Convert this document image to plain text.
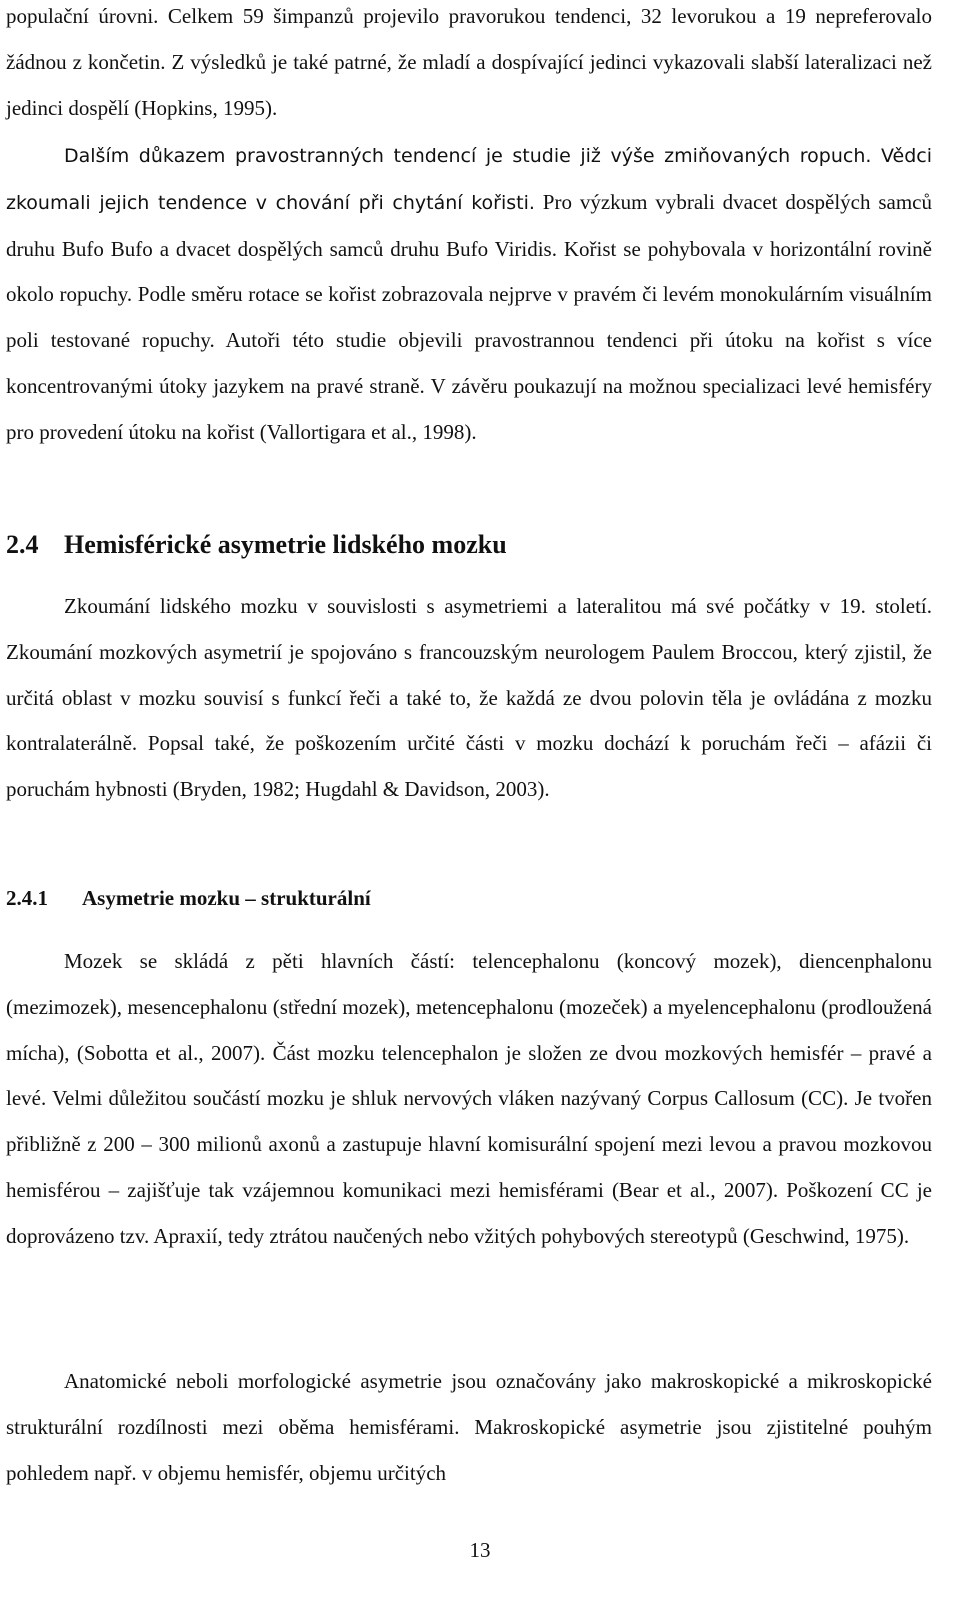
populační úrovni. Celkem 59 šimpanzů projevilo pravorukou tendenci, 32 levorukou a 19 nepreferovalo žádnou z končetin. Z výsledků je také patrné, že mladí a dospívající jedinci vykazovali slabší lateralizaci než jedinci dospělí (Hopkins, 1995).

Dalším důkazem pravostranných tendencí je studie již výše zmiňovaných ropuch. Vědci zkoumali jejich tendence v chování při chytání kořisti. Pro výzkum vybrali dvacet dospělých samců druhu Bufo Bufo a dvacet dospělých samců druhu Bufo Viridis. Kořist se pohybovala v horizontální rovině okolo ropuchy. Podle směru rotace se kořist zobrazovala nejprve v pravém či levém monokulárním visuálním poli testované ropuchy. Autoři této studie objevili pravostrannou tendenci při útoku na kořist s více koncentrovanými útoky jazykem na pravé straně. V závěru poukazují na možnou specializaci levé hemisféry pro provedení útoku na kořist (Vallortigara et al., 1998).

2.4 Hemisférické asymetrie lidského mozku

Zkoumání lidského mozku v souvislosti s asymetriemi a lateralitou má své počátky v 19. století. Zkoumání mozkových asymetrií je spojováno s francouzským neurologem Paulem Broccou, který zjistil, že určitá oblast v mozku souvisí s funkcí řeči a také to, že každá ze dvou polovin těla je ovládána z mozku kontralaterálně. Popsal také, že poškozením určité části v mozku dochází k poruchám řeči – afázii či poruchám hybnosti (Bryden, 1982; Hugdahl & Davidson, 2003).

2.4.1	Asymetrie mozku – strukturální

Mozek se skládá z pěti hlavních částí: telencephalonu (koncový mozek), diencenphalonu (mezimozek), mesencephalonu (střední mozek), metencephalonu (mozeček) a myelencephalonu (prodloužená mícha), (Sobotta et al., 2007). Část mozku telencephalon je složen ze dvou mozkových hemisfér – pravé a levé. Velmi důležitou součástí mozku je shluk nervových vláken nazývaný Corpus Callosum (CC). Je tvořen přibližně z 200 – 300 milionů axonů a zastupuje hlavní komisurální spojení mezi levou a pravou mozkovou hemisférou – zajišťuje tak vzájemnou komunikaci mezi hemisférami (Bear et al., 2007). Poškození CC je doprovázeno tzv. Apraxií, tedy ztrátou naučených nebo vžitých pohybových stereotypů (Geschwind, 1975).

Anatomické neboli morfologické asymetrie jsou označovány jako makroskopické a mikroskopické strukturální rozdílnosti mezi oběma hemisférami. Makroskopické asymetrie jsou zjistitelné pouhým pohledem např. v objemu hemisfér, objemu určitých

13
